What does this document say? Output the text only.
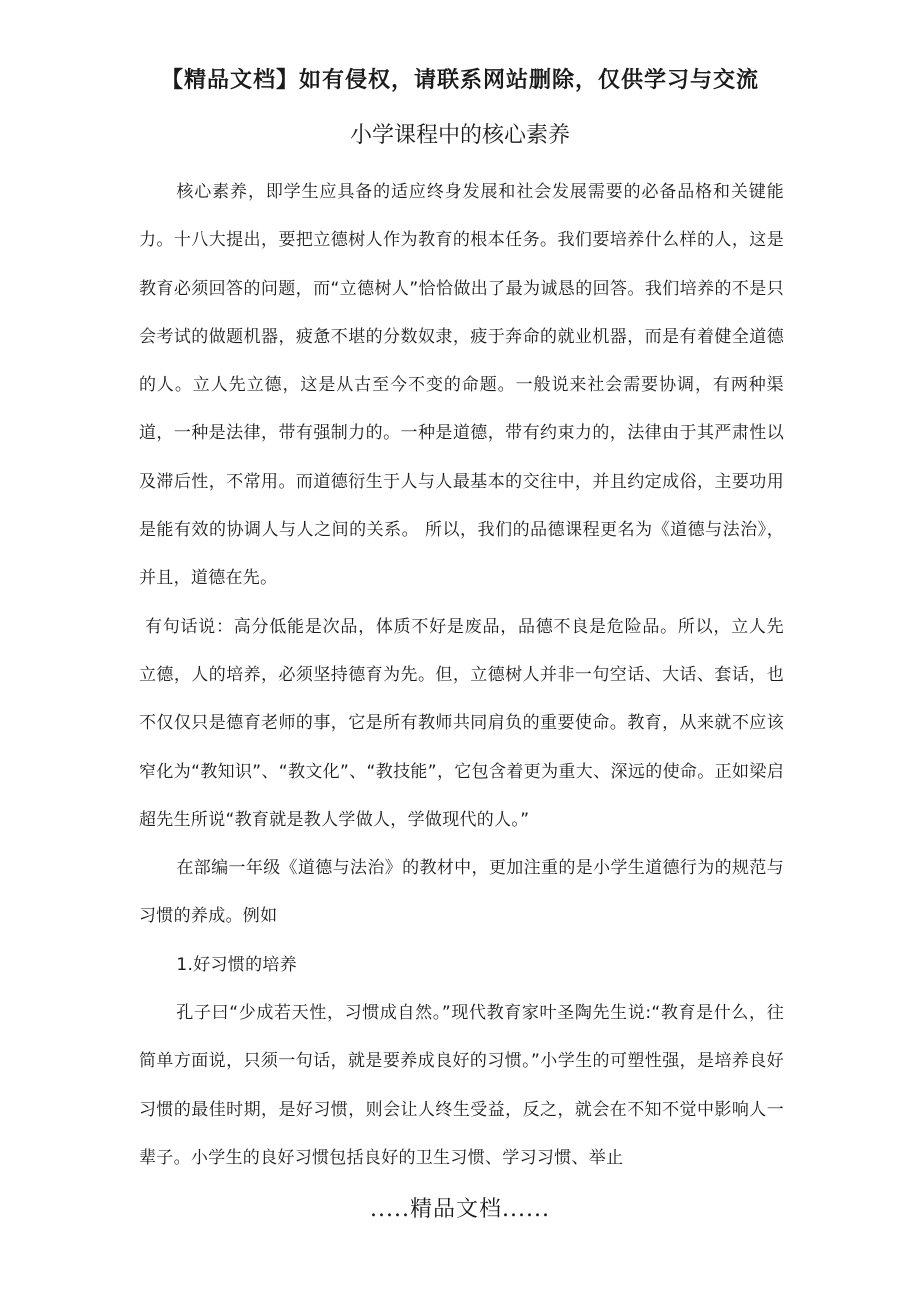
【精品文档】如有侵权，请联系网站删除，仅供学习与交流
小学课程中的核心素养

核心素养，即学生应具备的适应终身发展和社会发展需要的必备品格和关键能力。十八大提出，要把立德树人作为教育的根本任务。我们要培养什么样的人，这是教育必须回答的问题，而“立德树人”恰恰做出了最为诚恳的回答。我们培养的不是只会考试的做题机器，疲惫不堪的分数奴隶，疲于奔命的就业机器，而是有着健全道德的人。立人先立德，这是从古至今不变的命题。一般说来社会需要协调，有两种渠道，一种是法律，带有强制力的。一种是道德，带有约束力的，法律由于其严肃性以及滞后性，不常用。而道德衍生于人与人最基本的交往中，并且约定成俗，主要功用是能有效的协调人与人之间的关系。 所以，我们的品德课程更名为《道德与法治》，并且，道德在先。

有句话说：高分低能是次品，体质不好是废品，品德不良是危险品。所以，立人先立德，人的培养，必须坚持德育为先。但，立德树人并非一句空话、大话、套话，也不仅仅只是德育老师的事，它是所有教师共同肩负的重要使命。教育，从来就不应该窄化为“教知识”、“教文化”、“教技能”，它包含着更为重大、深远的使命。正如梁启超先生所说“教育就是教人学做人，学做现代的人。”

在部编一年级《道德与法治》的教材中，更加注重的是小学生道德行为的规范与习惯的养成。例如

1.好习惯的培养

孔子曰“少成若天性，习惯成自然。”现代教育家叶圣陶先生说:“教育是什么，往简单方面说，只须一句话，就是要养成良好的习惯。”小学生的可塑性强，是培养良好习惯的最佳时期，是好习惯，则会让人终生受益，反之，就会在不知不觉中影响人一辈子。小学生的良好习惯包括良好的卫生习惯、学习习惯、举止

.....精品文档......
